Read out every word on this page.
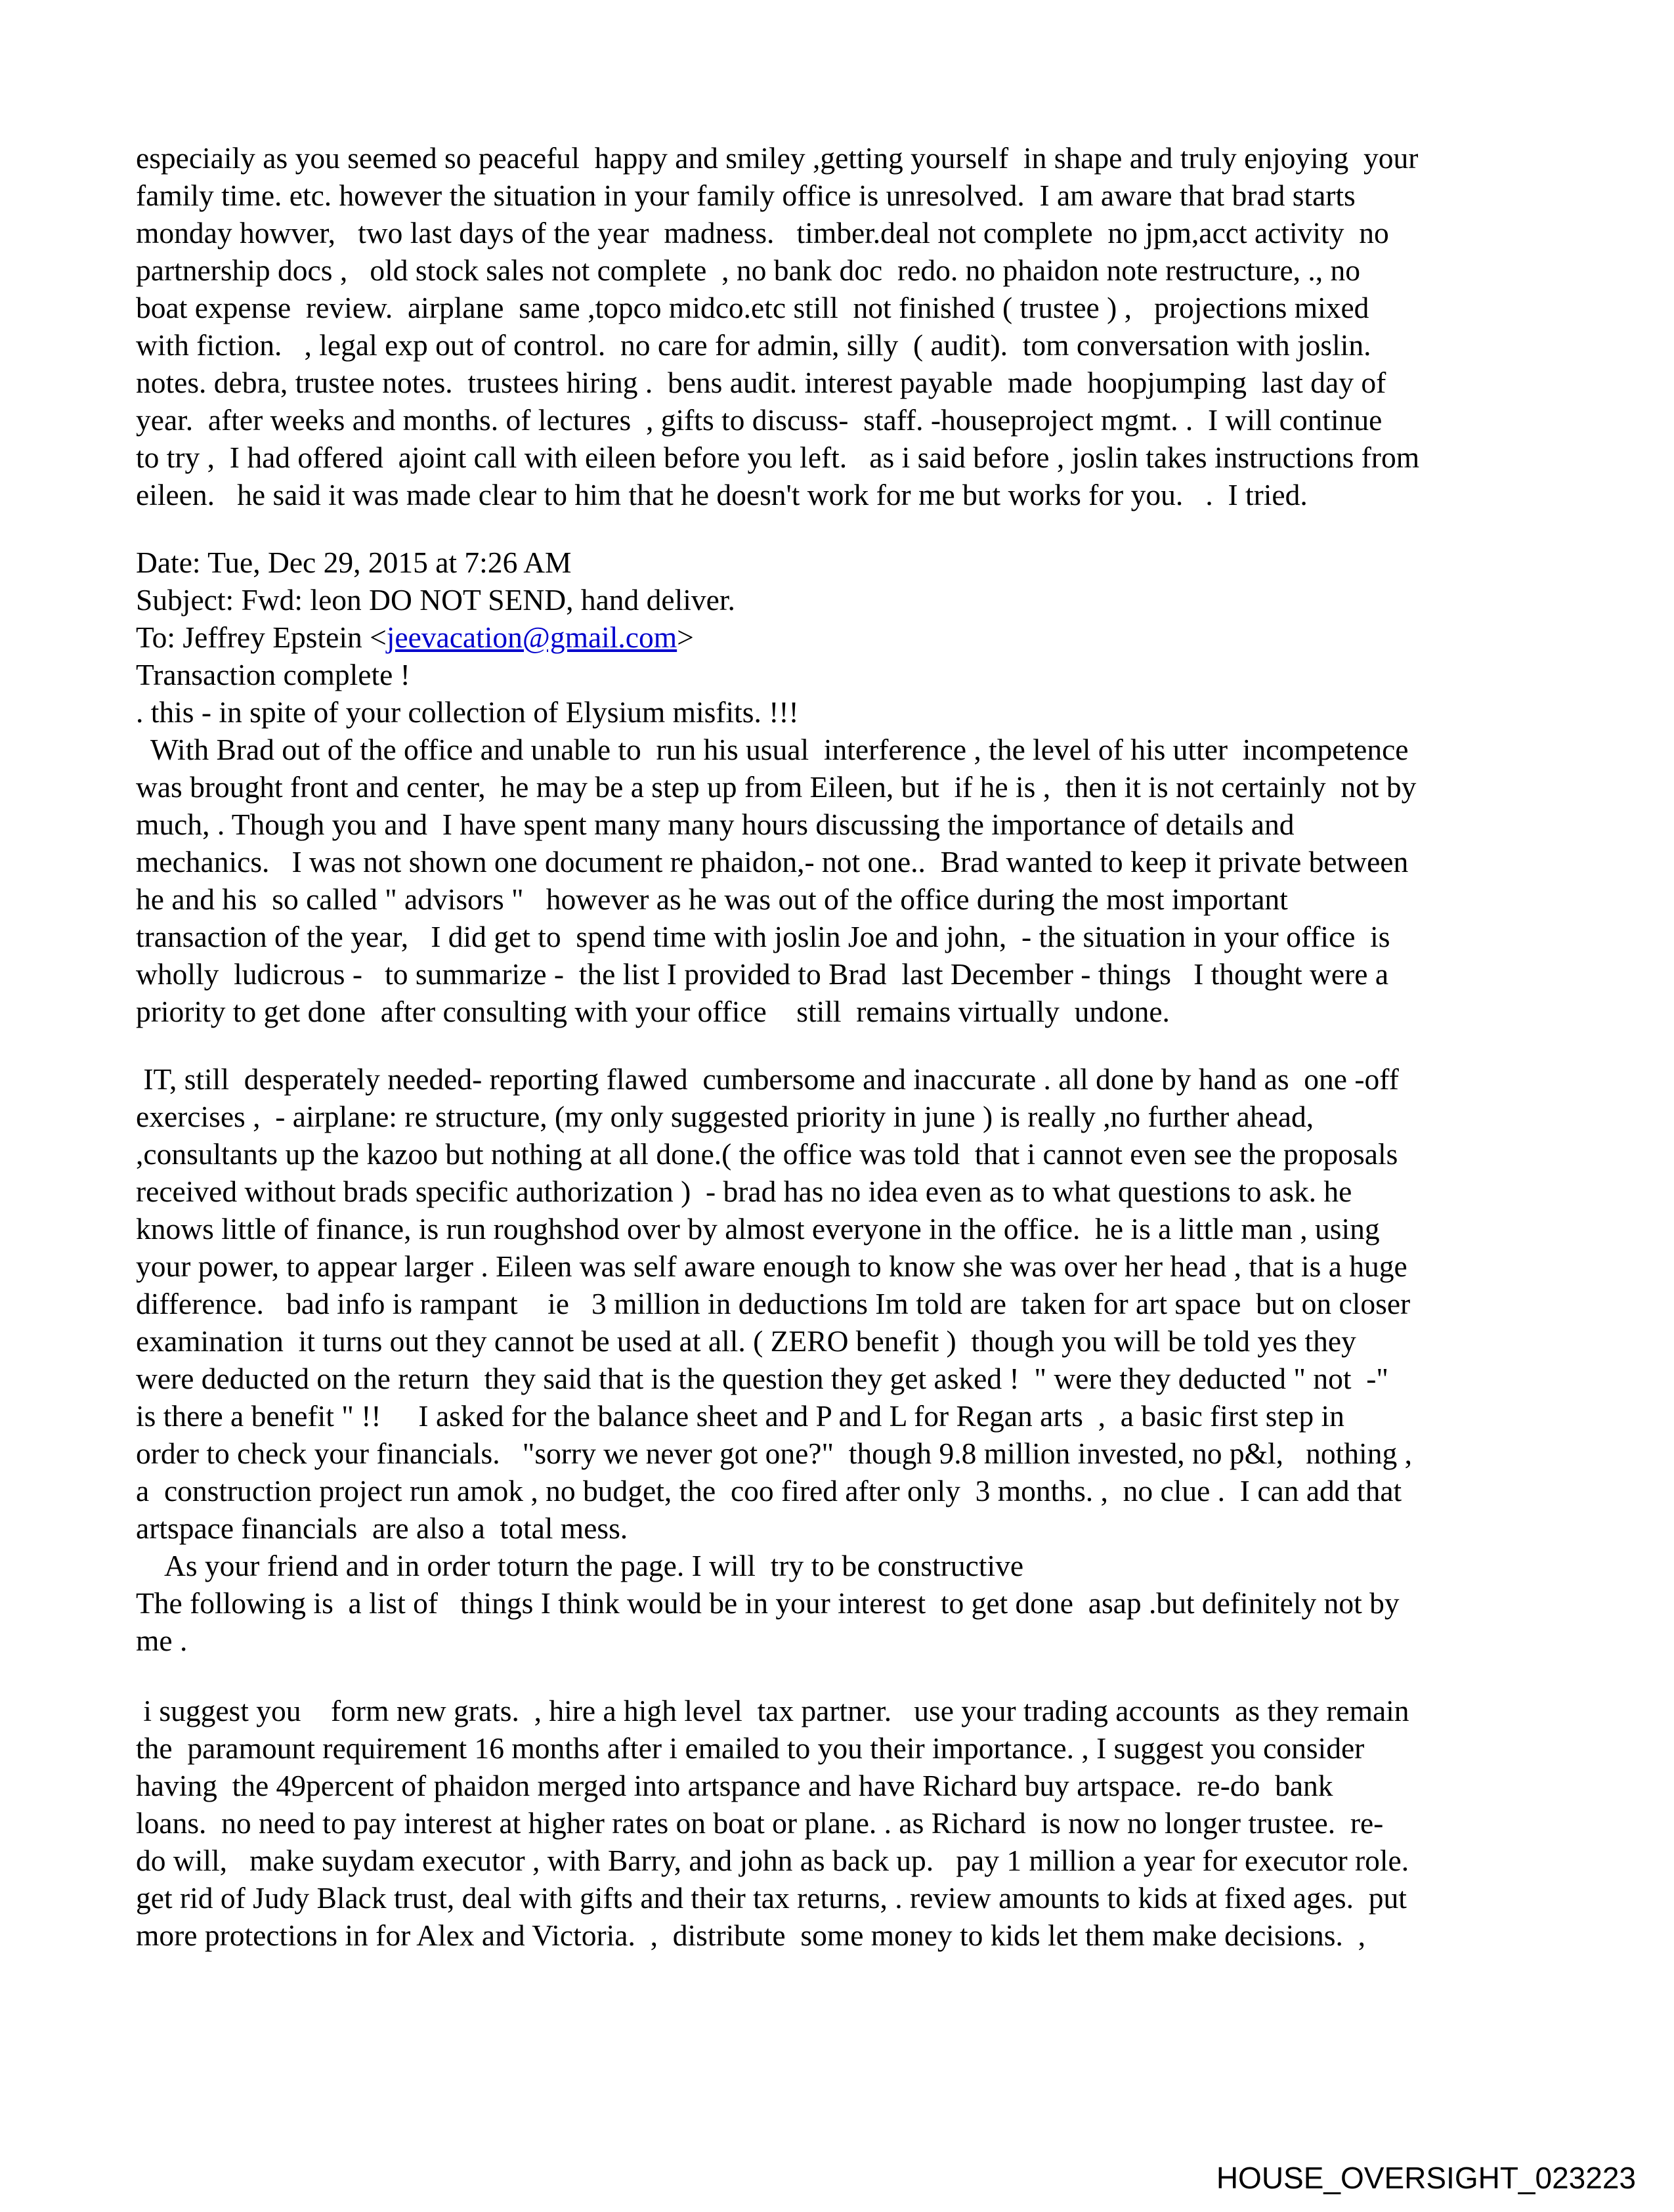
especiaily as you seemed so peaceful  happy and smiley ,getting yourself  in shape and truly enjoying  your
family time. etc. however the situation in your family office is unresolved.  I am aware that brad starts
monday howver,   two last days of the year  madness.   timber.deal not complete  no jpm,acct activity  no
partnership docs ,   old stock sales not complete  , no bank doc  redo. no phaidon note restructure, ., no
boat expense  review.  airplane  same ,topco midco.etc still  not finished ( trustee ) ,   projections mixed
with fiction.   , legal exp out of control.  no care for admin, silly  ( audit).  tom conversation with joslin.
notes. debra, trustee notes.  trustees hiring .  bens audit. interest payable  made  hoopjumping  last day of
year.  after weeks and months. of lectures  , gifts to discuss-  staff. -houseproject mgmt. .  I will continue
to try ,  I had offered  ajoint call with eileen before you left.   as i said before , joslin takes instructions from
eileen.   he said it was made clear to him that he doesn't work for me but works for you.   .  I tried.
Date: Tue, Dec 29, 2015 at 7:26 AM
Subject: Fwd: leon DO NOT SEND, hand deliver.
To: Jeffrey Epstein <jeevacation@gmail.com>
Transaction complete !
. this - in spite of your collection of Elysium misfits. !!!
With Brad out of the office and unable to  run his usual  interference , the level of his utter  incompetence
was brought front and center,  he may be a step up from Eileen, but  if he is ,  then it is not certainly  not by
much, . Though you and  I have spent many many hours discussing the importance of details and
mechanics.   I was not shown one document re phaidon,- not one..  Brad wanted to keep it private between
he and his  so called " advisors "   however as he was out of the office during the most important
transaction of the year,   I did get to  spend time with joslin Joe and john,  - the situation in your office  is
wholly  ludicrous -   to summarize -  the list I provided to Brad  last December - things   I thought were a
priority to get done  after consulting with your office    still  remains virtually  undone.
IT, still  desperately needed- reporting flawed  cumbersome and inaccurate . all done by hand as  one -off
exercises ,  - airplane: re structure, (my only suggested priority in june ) is really ,no further ahead,
,consultants up the kazoo but nothing at all done.( the office was told  that i cannot even see the proposals
received without brads specific authorization )  - brad has no idea even as to what questions to ask. he
knows little of finance, is run roughshod over by almost everyone in the office.  he is a little man , using
your power, to appear larger . Eileen was self aware enough to know she was over her head , that is a huge
difference.   bad info is rampant    ie   3 million in deductions Im told are  taken for art space  but on closer
examination  it turns out they cannot be used at all. ( ZERO benefit )  though you will be told yes they
were deducted on the return  they said that is the question they get asked !  " were they deducted " not  -"
is there a benefit " !!     I asked for the balance sheet and P and L for Regan arts  ,  a basic first step in
order to check your financials.   "sorry we never got one?"  though 9.8 million invested, no p&l,   nothing ,
a  construction project run amok , no budget, the  coo fired after only  3 months. ,  no clue .  I can add that
artspace financials  are also a  total mess.
As your friend and in order toturn the page. I will  try to be constructive
The following is  a list of   things I think would be in your interest  to get done  asap .but definitely not by
me .
i suggest you    form new grats.  , hire a high level  tax partner.   use your trading accounts  as they remain
the  paramount requirement 16 months after i emailed to you their importance. , I suggest you consider
having  the 49percent of phaidon merged into artspance and have Richard buy artspace.  re-do  bank
loans.  no need to pay interest at higher rates on boat or plane. . as Richard  is now no longer trustee.  re-
do will,   make suydam executor , with Barry, and john as back up.   pay 1 million a year for executor role.
get rid of Judy Black trust, deal with gifts and their tax returns, . review amounts to kids at fixed ages.  put
more protections in for Alex and Victoria.  ,  distribute  some money to kids let them make decisions.  ,
HOUSE_OVERSIGHT_023223
